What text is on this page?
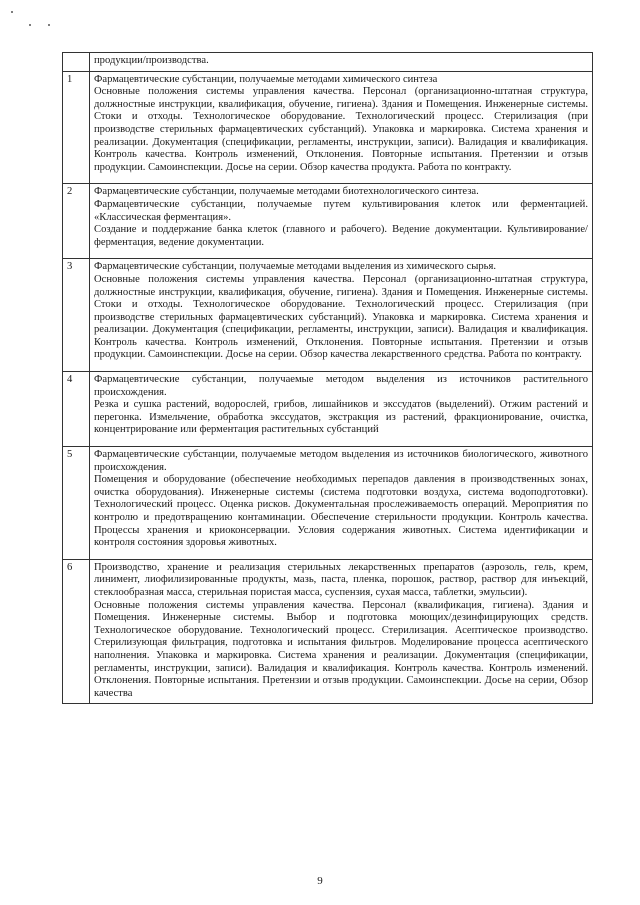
	продукции/производства.
1	Фармацевтические субстанции, получаемые методами химического синтеза

Основные положения системы управления качества. Персонал (организационно-штатная структура, должностные инструкции, квалификация, обучение, гигиена). Здания и Помещения. Инженерные системы. Стоки и отходы. Технологическое оборудование. Технологический процесс. Стерилизация (при производстве стерильных фармацевтических субстанций). Упаковка и маркировка. Система хранения и реализации. Документация (спецификации, регламенты, инструкции, записи). Валидация и квалификация. Контроль качества. Контроль изменений, Отклонения. Повторные испытания. Претензии и отзыв продукции. Самоинспекции. Досье на серии. Обзор качества продукта. Работа по контракту.

2	Фармацевтические субстанции, получаемые методами биотехнологического синтеза.

Фармацевтические субстанции, получаемые путем культивирования клеток или ферментацией. «Классическая ферментация».

Создание и поддержание банка клеток (главного и рабочего). Ведение документации. Культивирование/ферментация, ведение документации.

3	Фармацевтические субстанции, получаемые методами выделения из химического сырья.

Основные положения системы управления качества. Персонал (организационно-штатная структура, должностные инструкции, квалификация, обучение, гигиена). Здания и Помещения. Инженерные системы. Стоки и отходы. Технологическое оборудование. Технологический процесс. Стерилизация (при производстве стерильных фармацевтических субстанций). Упаковка и маркировка. Система хранения и реализации. Документация (спецификации, регламенты, инструкции, записи). Валидация и квалификация. Контроль качества. Контроль изменений, Отклонения. Повторные испытания. Претензии и отзыв продукции. Самоинспекции. Досье на серии. Обзор качества лекарственного средства. Работа по контракту.

4	Фармацевтические субстанции, получаемые методом выделения из источников растительного происхождения.

Резка и сушка растений, водорослей, грибов, лишайников и экссудатов (выделений). Отжим растений и перегонка. Измельчение, обработка экссудатов, экстракция из растений, фракционирование, очистка, концентрирование или ферментация растительных субстанций

5	Фармацевтические субстанции, получаемые методом выделения из источников биологического, животного происхождения.

Помещения и оборудование (обеспечение необходимых перепадов давления в производственных зонах, очистка оборудования). Инженерные системы (система подготовки воздуха, система водоподготовки). Технологический процесс. Оценка рисков. Документальная прослеживаемость операций. Мероприятия по контролю и предотвращению контаминации. Обеспечение стерильности продукции. Контроль качества. Процессы хранения и криоконсервации. Условия содержания животных. Система идентификации и контроля состояния здоровья животных.

6	Производство, хранение и реализация стерильных лекарственных препаратов (аэрозоль, гель, крем, линимент, лиофилизированные продукты, мазь, паста, пленка, порошок, раствор, раствор для инъекций, стеклообразная масса, стерильная пористая масса, суспензия, сухая масса, таблетки, эмульсии).

Основные положения системы управления качества. Персонал (квалификация, гигиена). Здания и Помещения. Инженерные системы. Выбор и подготовка моющих/дезинфицирующих средств. Технологическое оборудование. Технологический процесс. Стерилизация. Асептическое производство. Стерилизующая фильтрация, подготовка и испытания фильтров. Моделирование процесса асептического наполнения. Упаковка и маркировка. Система хранения и реализации. Документация (спецификации, регламенты, инструкции, записи). Валидация и квалификация. Контроль качества. Контроль изменений. Отклонения. Повторные испытания. Претензии и отзыв продукции. Самоинспекции. Досье на серии, Обзор качества

9
